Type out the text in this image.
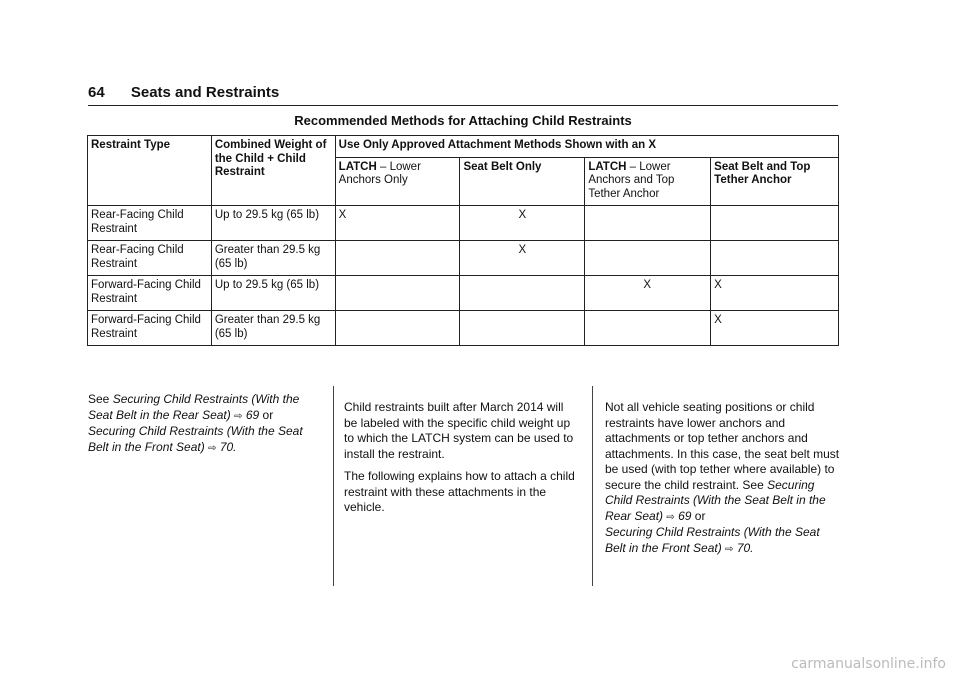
64 Seats and Restraints
Recommended Methods for Attaching Child Restraints
Restraint Type	Combined Weight of the Child + Child Restraint	Use Only Approved Attachment Methods Shown with an X			
		LATCH – Lower Anchors Only	Seat Belt Only	LATCH – Lower Anchors and Top Tether Anchor	Seat Belt and Top Tether Anchor
Rear-Facing Child Restraint	Up to 29.5 kg (65 lb)	X	X		
Rear-Facing Child Restraint	Greater than 29.5 kg (65 lb)		X		
Forward-Facing Child Restraint	Up to 29.5 kg (65 lb)			X	X
Forward-Facing Child Restraint	Greater than 29.5 kg (65 lb)				X

See Securing Child Restraints (With the Seat Belt in the Rear Seat) ⇨ 69 or
Securing Child Restraints (With the Seat Belt in the Front Seat) ⇨ 70.

Child restraints built after March 2014 will be labeled with the specific child weight up to which the LATCH system can be used to install the restraint.

The following explains how to attach a child restraint with these attachments in the vehicle.

Not all vehicle seating positions or child restraints have lower anchors and attachments or top tether anchors and attachments. In this case, the seat belt must be used (with top tether where available) to secure the child restraint. See Securing Child Restraints (With the Seat Belt in the Rear Seat) ⇨ 69 or
Securing Child Restraints (With the Seat Belt in the Front Seat) ⇨ 70.

carmanualsonline.info
